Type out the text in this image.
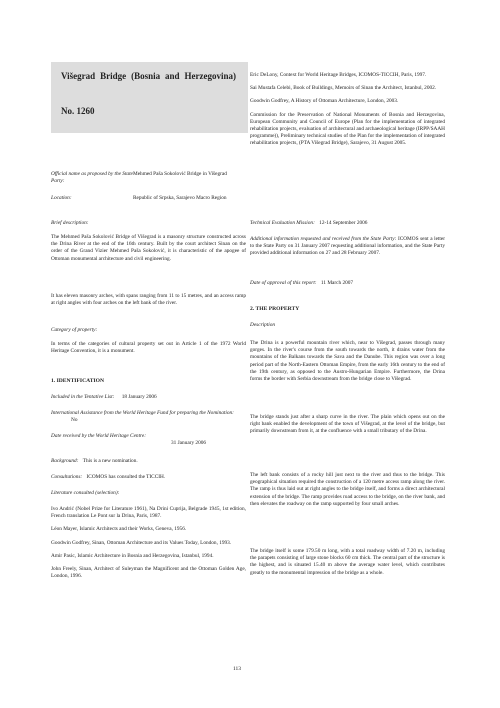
Višegrad Bridge (Bosnia and Herzegovina)
No. 1260
Official name as proposed by the State Party:
Mehmed Paša Sokolović Bridge in Višegrad
Location:	Republic of Srpska, Sarajevo Macro Region
Brief description:
The Mehmed Paša Sokolović Bridge of Višegrad is a masonry structure constructed across the Drina River at the end of the 16th century. Built by the court architect Sinan on the order of the Grand Vizier Mehmed Paša Sokolović, it is characteristic of the apogee of Ottoman monumental architecture and civil engineering.
It has eleven masonry arches, with spans ranging from 11 to 15 metres, and an access ramp at right angles with four arches on the left bank of the river.
Category of property:
In terms of the categories of cultural property set out in Article 1 of the 1972 World Heritage Convention, it is a monument.
1. IDENTIFICATION
Included in the Tentative List: 18 January 2006
International Assistance from the World Heritage Fund for preparing the Nomination: No
Date received by the World Heritage Centre:
31 January 2006
Background: This is a new nomination.
Consultations: ICOMOS has consulted the TICCIH.
Literature consulted (selection):
Ivo Andrić (Nobel Prize for Literature 1961), Na Drini Cuprija, Belgrade 1945, 1st edition, French translation Le Pont sur la Drina, Paris, 1987.
Léon Mayer, Islamic Architects and their Works, Geneva, 1956.
Goodwin Godfrey, Sinan, Ottoman Architecture and its Values Today, London, 1993.
Amir Pasic, Islamic Architecture in Bosnia and Herzegovina, Istanbul, 1994.
John Freely, Sinan, Architect of Suleyman the Magnificent and the Ottoman Golden Age, London, 1996.
Eric DeLony, Context for World Heritage Bridges, ICOMOS-TICCIH, Paris, 1997.
Sai Mustafa Celebi, Book of Buildings, Memoirs of Sinan the Architect, Istanbul, 2002.
Goodwin Godfrey, A History of Ottoman Architecture, London, 2003.
Commission for the Preservation of National Monuments of Bosnia and Herzegovina, European Community and Council of Europe (Plan for the implementation of integrated rehabilitation projects, evaluation of architectural and archaeological heritage (IRPP/SAAH programme)), Preliminary technical studies of the Plan for the implementation of integrated rehabilitation projects, (PTA Višegrad Bridge), Sarajevo, 31 August 2005.
Technical Evaluation Mission: 12-14 September 2006
Additional information requested and received from the State Party: ICOMOS sent a letter to the State Party on 31 January 2007 requesting additional information, and the State Party provided additional information on 27 and 28 February 2007.
Date of approval of this report: 11 March 2007
2. THE PROPERTY
Description
The Drina is a powerful mountain river which, near to Višegrad, passes through many gorges. In the river's course from the south towards the north, it drains water from the mountains of the Balkans towards the Sava and the Danube. This region was over a long period part of the North-Eastern Ottoman Empire, from the early 16th century to the end of the 19th century, as opposed to the Austro-Hungarian Empire. Furthermore, the Drina forms the border with Serbia downstream from the bridge close to Višegrad.
The bridge stands just after a sharp curve in the river. The plain which opens out on the right bank enabled the development of the town of Višegrad, at the level of the bridge, but primarily downstream from it, at the confluence with a small tributary of the Drina.
The left bank consists of a rocky hill just next to the river and thus to the bridge. This geographical situation required the construction of a 120 metre access ramp along the river. The ramp is thus laid out at right angles to the bridge itself, and forms a direct architectural extension of the bridge. The ramp provides road access to the bridge, on the river bank, and then elevates the roadway on the ramp supported by four small arches.
The bridge itself is some 179.50 m long, with a total roadway width of 7.20 m, including the parapets consisting of large stone blocks 60 cm thick. The central part of the structure is the highest, and is situated 15.40 m above the average water level, which contributes greatly to the monumental impression of the bridge as a whole.
113
